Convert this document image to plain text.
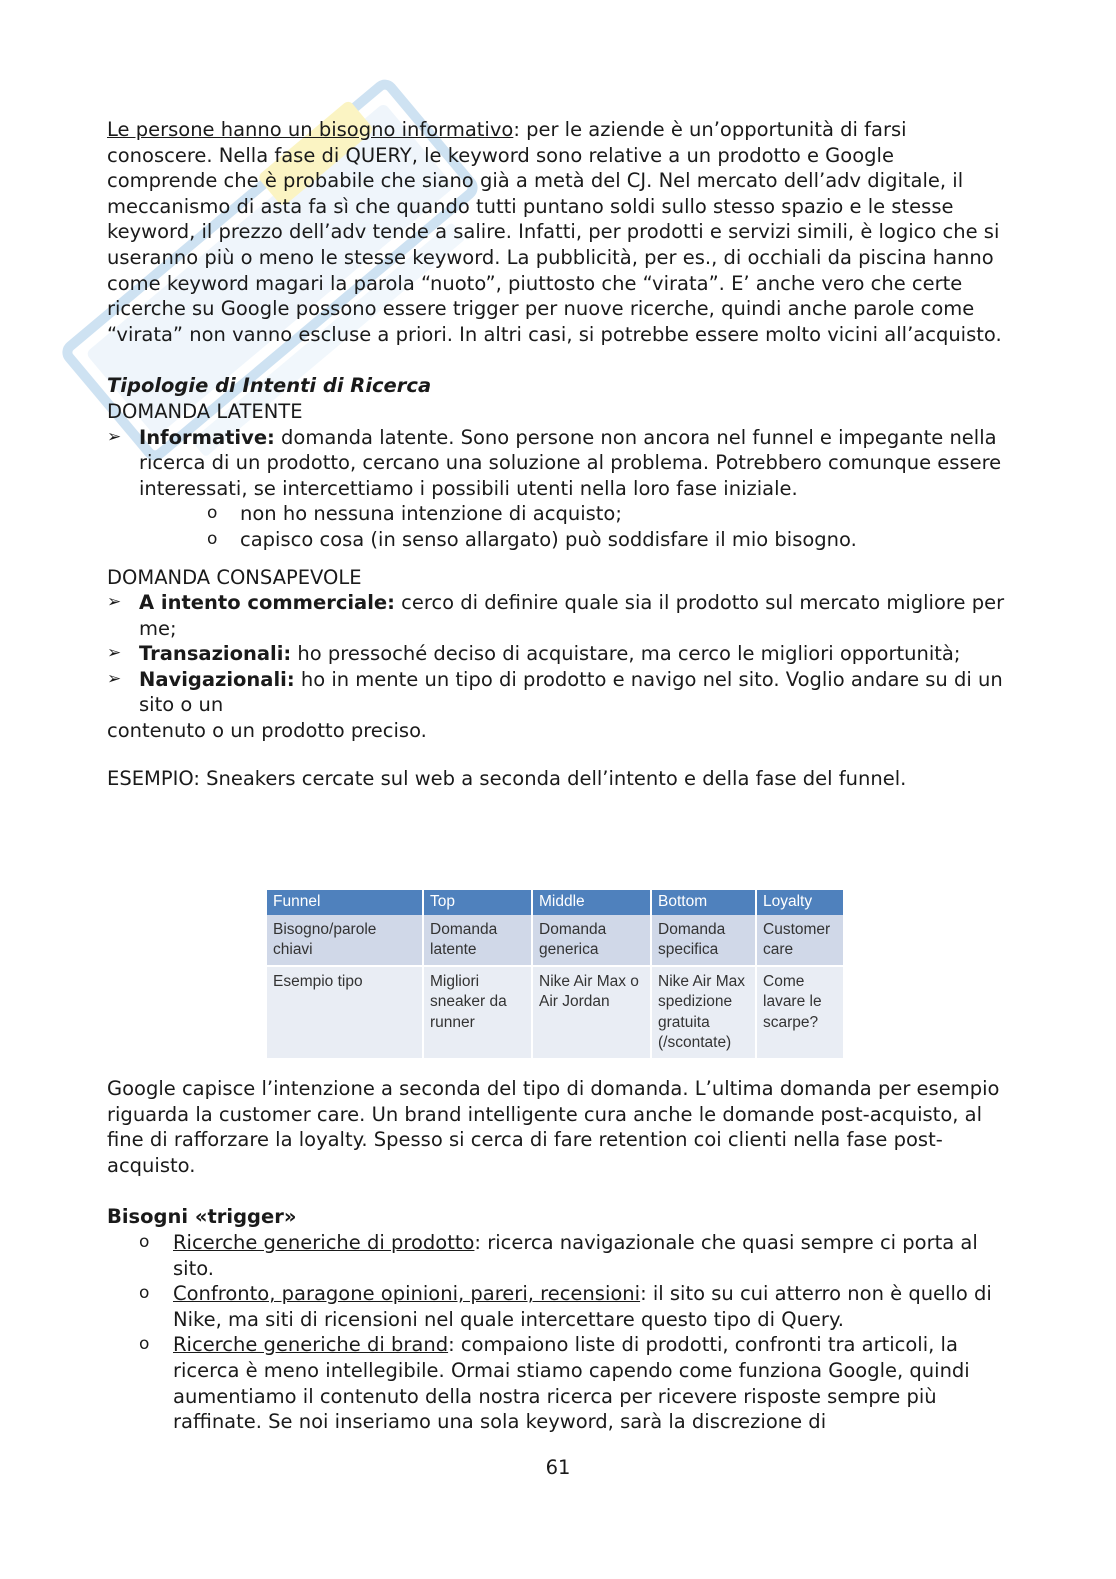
Le persone hanno un bisogno informativo: per le aziende è un’opportunità di farsi conoscere. Nella fase di QUERY, le keyword sono relative a un prodotto e Google comprende che è probabile che siano già a metà del CJ. Nel mercato dell’adv digitale, il meccanismo di asta fa sì che quando tutti puntano soldi sullo stesso spazio e le stesse keyword, il prezzo dell’adv tende a salire. Infatti, per prodotti e servizi simili, è logico che si useranno più o meno le stesse keyword. La pubblicità, per es., di occhiali da piscina hanno come keyword magari la parola “nuoto”, piuttosto che “virata”. E’ anche vero che certe ricerche su Google possono essere trigger per nuove ricerche, quindi anche parole come “virata” non vanno escluse a priori. In altri casi, si potrebbe essere molto vicini all’acquisto.

Tipologie di Intenti di Ricerca

DOMANDA LATENTE

➢ Informative: domanda latente. Sono persone non ancora nel funnel e impegante nella ricerca di un prodotto, cercano una soluzione al problema. Potrebbero comunque essere interessati, se intercettiamo i possibili utenti nella loro fase iniziale.
o non ho nessuna intenzione di acquisto;
o capisco cosa (in senso allargato) può soddisfare il mio bisogno.

DOMANDA CONSAPEVOLE

➢ A intento commerciale: cerco di definire quale sia il prodotto sul mercato migliore per me;
➢ Transazionali: ho pressoché deciso di acquistare, ma cerco le migliori opportunità;
➢ Navigazionali: ho in mente un tipo di prodotto e navigo nel sito. Voglio andare su di un sito o un

contenuto o un prodotto preciso.

ESEMPIO: Sneakers cercate sul web a seconda dell’intento e della fase del funnel.

Funnel	Top	Middle	Bottom	Loyalty
Bisogno/parole chiavi	Domanda latente	Domanda generica	Domanda specifica	Customer care
Esempio tipo	Migliori sneaker da runner	Nike Air Max o Air Jordan	Nike Air Max spedizione gratuita (/scontate)	Come lavare le scarpe?

Google capisce l’intenzione a seconda del tipo di domanda. L’ultima domanda per esempio riguarda la customer care. Un brand intelligente cura anche le domande post-acquisto, al fine di rafforzare la loyalty. Spesso si cerca di fare retention coi clienti nella fase post-acquisto.

Bisogni «trigger»

o Ricerche generiche di prodotto: ricerca navigazionale che quasi sempre ci porta al sito.
o Confronto, paragone opinioni, pareri, recensioni: il sito su cui atterro non è quello di Nike, ma siti di ricensioni nel quale intercettare questo tipo di Query.
o Ricerche generiche di brand: compaiono liste di prodotti, confronti tra articoli, la ricerca è meno intellegibile. Ormai stiamo capendo come funziona Google, quindi aumentiamo il contenuto della nostra ricerca per ricevere risposte sempre più raffinate. Se noi inseriamo una sola keyword, sarà la discrezione di
61
